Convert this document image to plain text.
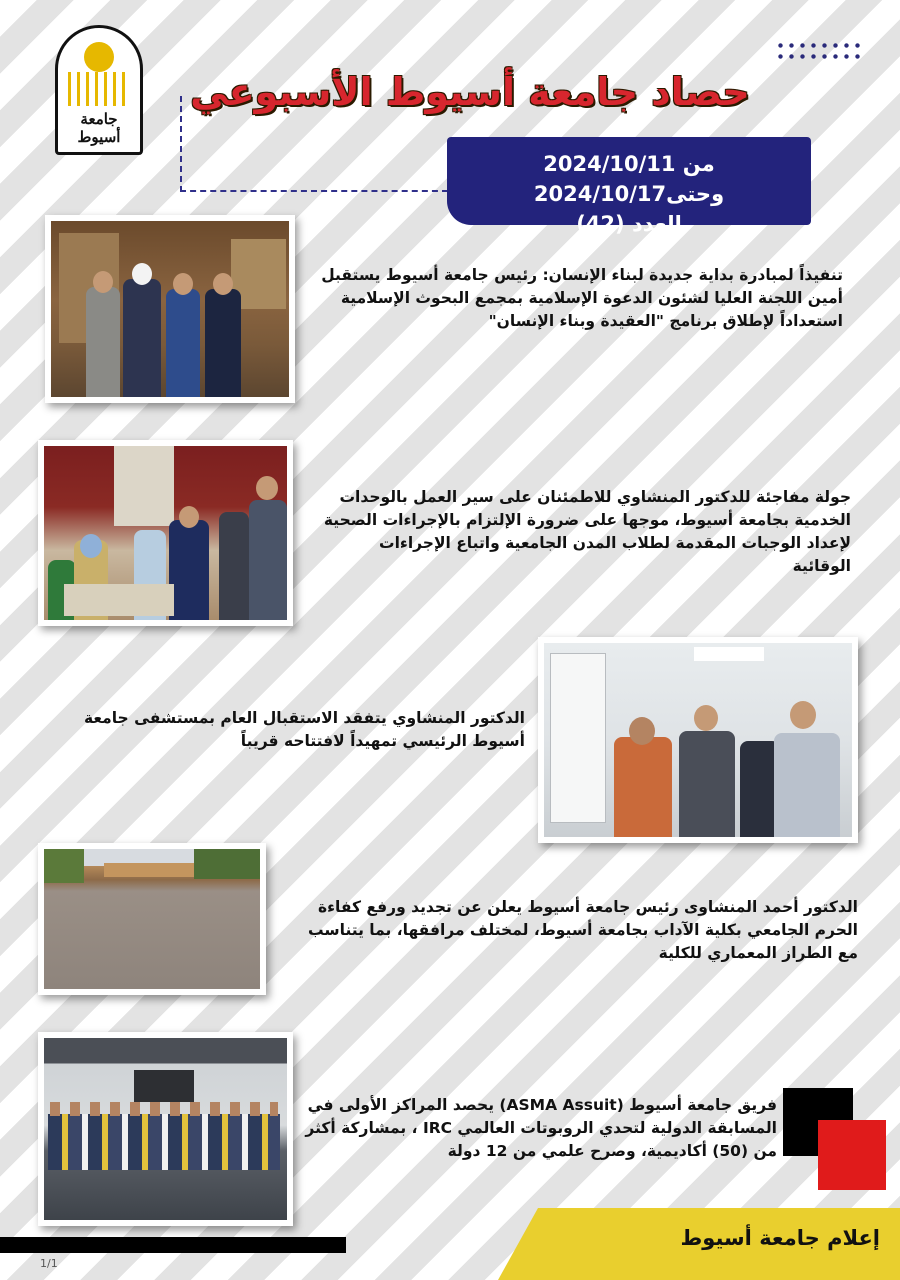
جامعة أسيوط
حصاد جامعة أسيوط الأسبوعي
من 2024/10/11 وحتى2024/10/17
العدد (42)
تنفيذاً لمبادرة بداية جديدة لبناء الإنسان: رئيس جامعة أسيوط يستقبل أمين اللجنة العليا لشئون الدعوة الإسلامية بمجمع البحوث الإسلامية استعداداً لإطلاق برنامج "العقيدة وبناء الإنسان"
جولة مفاجئة للدكتور المنشاوي للاطمئنان على سير العمل بالوحدات الخدمية بجامعة أسيوط، موجها على ضرورة الإلتزام بالإجراءات الصحية لإعداد الوجبات المقدمة لطلاب المدن الجامعية واتباع الإجراءات الوقائية
الدكتور المنشاوي يتفقد الاستقبال العام بمستشفى جامعة أسيوط الرئيسي تمهيداً لافتتاحه قريباً
الدكتور أحمد المنشاوى رئيس جامعة أسيوط يعلن عن تجديد ورفع كفاءة الحرم الجامعي بكلية الآداب بجامعة أسيوط، لمختلف مرافقها، بما يتناسب مع الطراز المعماري للكلية
فريق جامعة أسيوط (ASMA Assuit) يحصد المراكز الأولى في المسابقة الدولية لتحدي الروبوتات العالمي IRC ، بمشاركة أكثر من (50) أكاديمية، وصرح علمي من 12 دولة
إعلام جامعة أسيوط
1/1
